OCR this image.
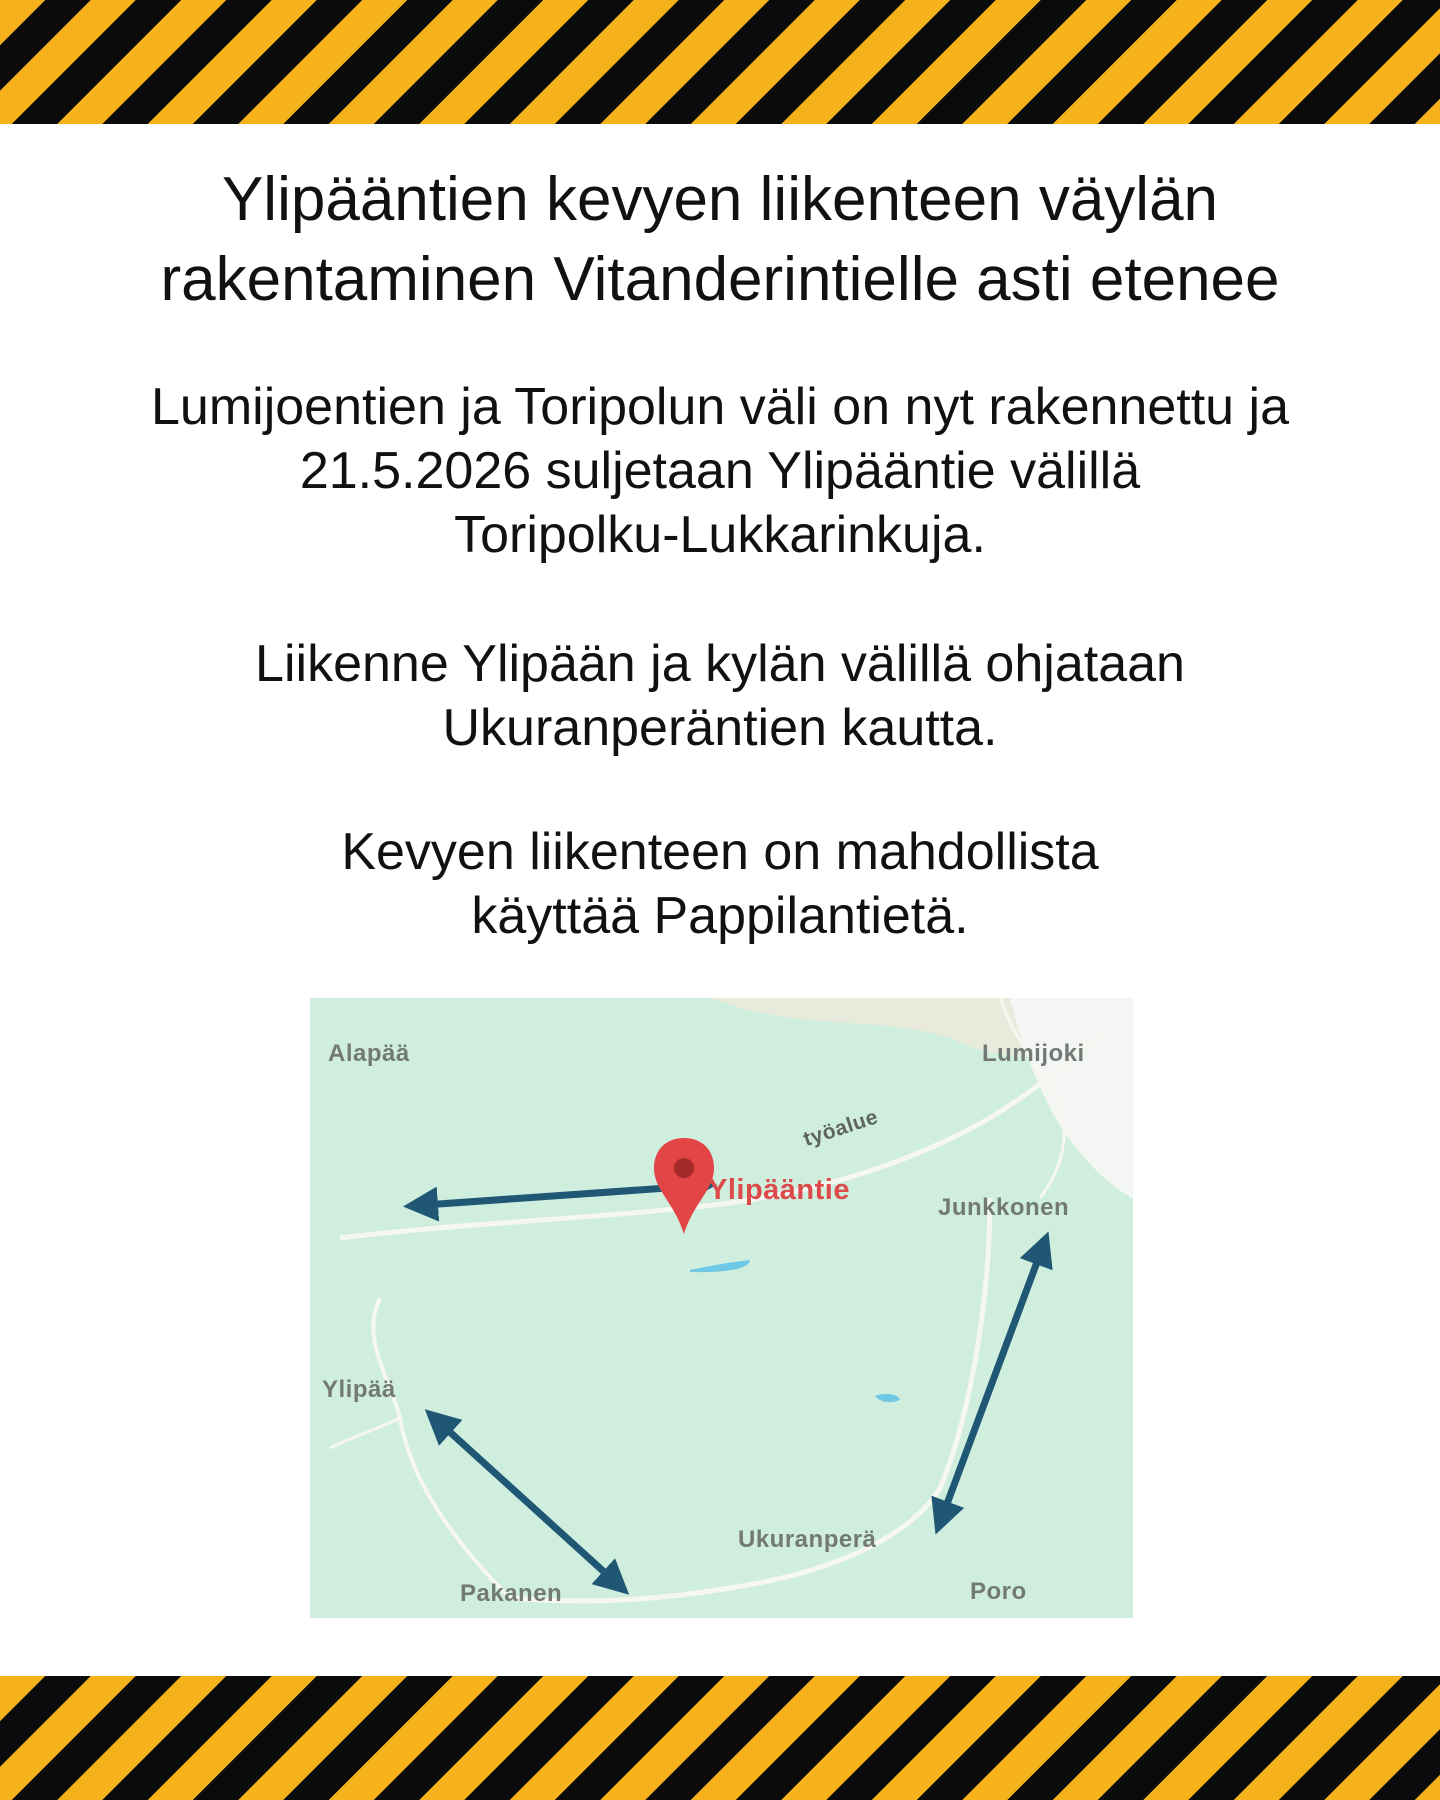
Ylipääntien kevyen liikenteen väylän
rakentaminen Vitanderintielle asti etenee

Lumijoentien ja Toripolun väli on nyt rakennettu ja
21.5.2026 suljetaan Ylipääntie välillä
Toripolku-Lukkarinkuja.

Liikenne Ylipään ja kylän välillä ohjataan
Ukuranperäntien kautta.

Kevyen liikenteen on mahdollista
käyttää Pappilantietä.

Alapää	Lumijoki
työalue
Ylipääntie
Junkkonen
Ylipää
Ukuranperä
Pakanen	Poro
